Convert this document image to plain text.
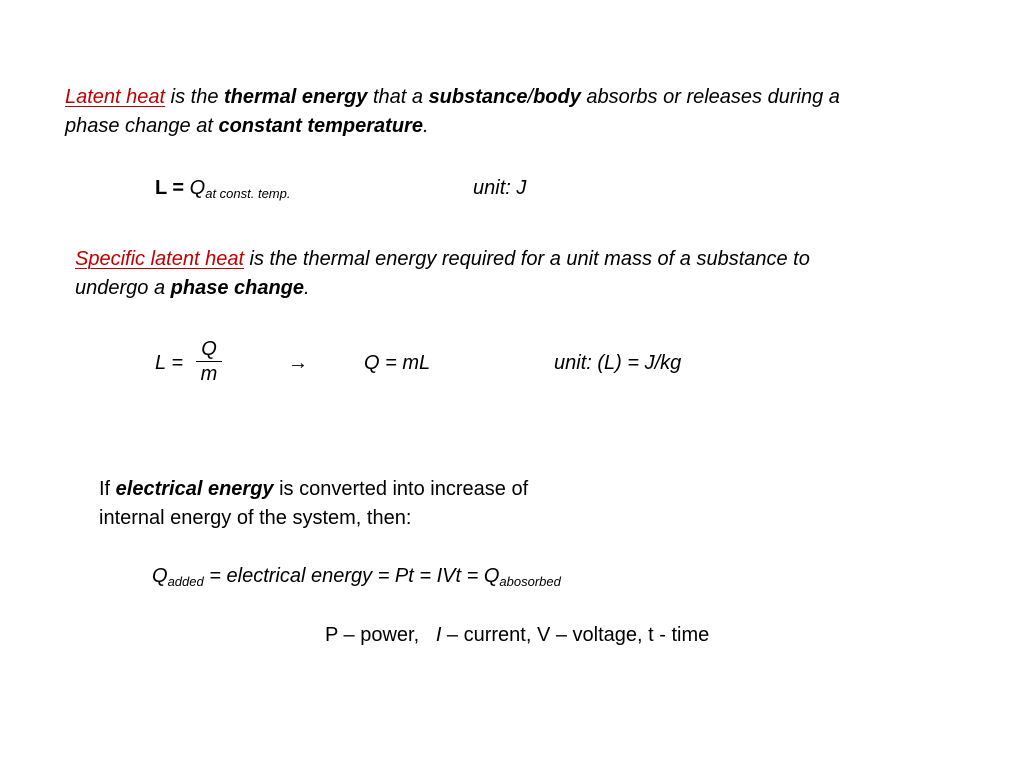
Latent heat is the thermal energy that a substance/body absorbs or releases during a
phase change at constant temperature.
$L = Q_{at const. temp.}$	unit: J
Specific latent heat is the thermal energy required for a unit mass of a substance to
undergo a phase change.
L =
Q
m	→	Q = mL	unit: (L) = J/kg
If electrical energy is converted into increase of
internal energy of the system, then:
$Q_{added}$ = electrical energy = Pt = IVt = $Q_{abosorbed}$
P – power, I – current, V – voltage, t - time
